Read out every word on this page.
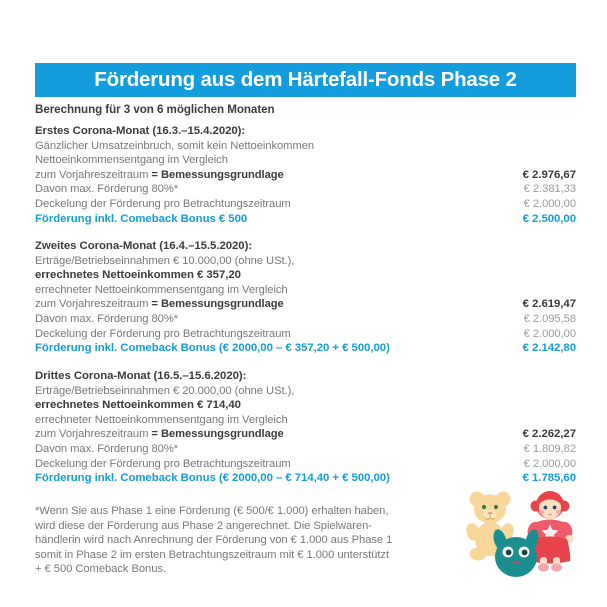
Förderung aus dem Härtefall-Fonds Phase 2
Berechnung für 3 von 6 möglichen Monaten
Erstes Corona-Monat (16.3.–15.4.2020):
Gänzlicher Umsatzeinbruch, somit kein Nettoeinkommen
Nettoeinkommensentgang im Vergleich
zum Vorjahreszeitraum = Bemessungsgrundlage	€ 2.976,67
Davon max. Förderung 80%*	€ 2.381,33
Deckelung der Förderung pro Betrachtungszeitraum	€ 2.000,00
Förderung inkl. Comeback Bonus € 500	€ 2.500,00
Zweites Corona-Monat (16.4.–15.5.2020):
Erträge/Betriebseinnahmen € 10.000,00 (ohne USt.),
errechnetes Nettoeinkommen € 357,20
errechneter Nettoeinkommensentgang im Vergleich
zum Vorjahreszeitraum = Bemessungsgrundlage	€ 2.619,47
Davon max. Förderung 80%*	€ 2.095,58
Deckelung der Förderung pro Betrachtungszeitraum	€ 2.000,00
Förderung inkl. Comeback Bonus (€ 2000,00 – € 357,20 + € 500,00)	€ 2.142,80
Drittes Corona-Monat (16.5.–15.6.2020):
Erträge/Betriebseinnahmen € 20.000,00 (ohne USt.),
errechnetes Nettoeinkommen € 714,40
errechneter Nettoeinkommensentgang im Vergleich
zum Vorjahreszeitraum = Bemessungsgrundlage	€ 2.262,27
Davon max. Förderung 80%*	€ 1.809,82
Deckelung der Förderung pro Betrachtungszeitraum	€ 2.000,00
Förderung inkl. Comeback Bonus (€ 2000,00 – € 714,40 + € 500,00)	€ 1.785,60
*Wenn Sie aus Phase 1 eine Förderung (€ 500/€ 1.000) erhalten haben,
wird diese der Förderung aus Phase 2 angerechnet. Die Spielwaren-
händlerin wird nach Anrechnung der Förderung von € 1.000 aus Phase 1
somit in Phase 2 im ersten Betrachtungszeitraum mit € 1.000 unterstützt
+ € 500 Comeback Bonus.
